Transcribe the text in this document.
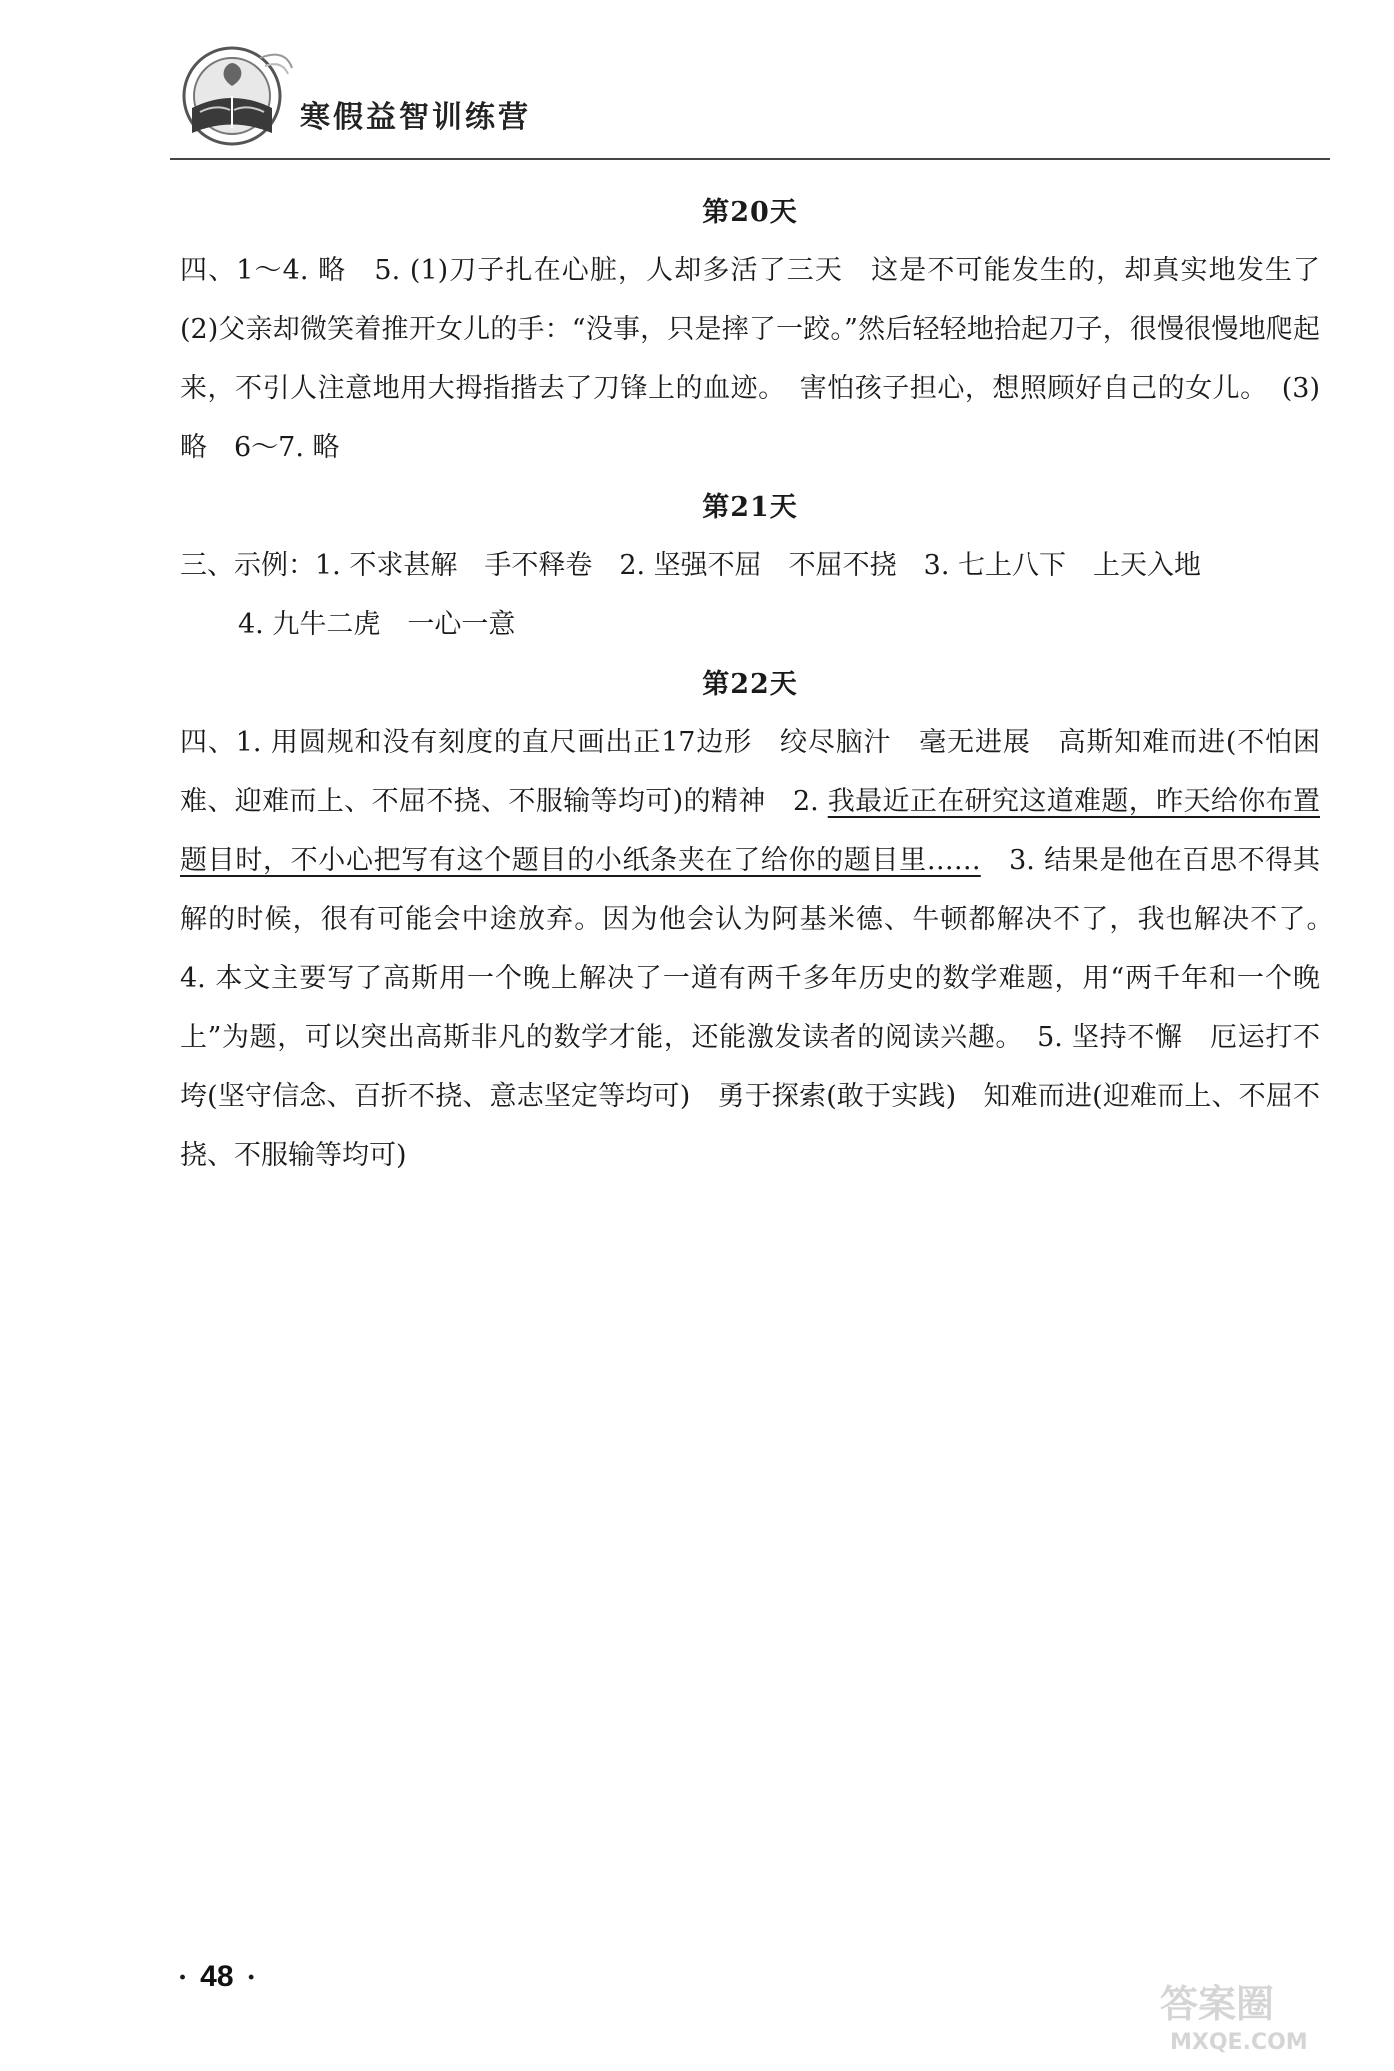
寒假益智训练营
第20天

四、1～4. 略　5. (1)刀子扎在心脏，人却多活了三天　这是不可能发生的，却真实地发生了　(2)父亲却微笑着推开女儿的手：“没事，只是摔了一跤。”然后轻轻地拾起刀子，很慢很慢地爬起来，不引人注意地用大拇指揩去了刀锋上的血迹。　害怕孩子担心，想照顾好自己的女儿。　(3)略　6～7. 略

第21天

三、示例：1. 不求甚解　手不释卷　2. 坚强不屈　不屈不挠　3. 七上八下　上天入地

4. 九牛二虎　一心一意

第22天

四、1. 用圆规和没有刻度的直尺画出正17边形　绞尽脑汁　毫无进展　高斯知难而进(不怕困难、迎难而上、不屈不挠、不服输等均可)的精神　2. 我最近正在研究这道难题，昨天给你布置题目时，不小心把写有这个题目的小纸条夹在了给你的题目里……　3. 结果是他在百思不得其解的时候，很有可能会中途放弃。因为他会认为阿基米德、牛顿都解决不了，我也解决不了。　4. 本文主要写了高斯用一个晚上解决了一道有两千多年历史的数学难题，用“两千年和一个晚上”为题，可以突出高斯非凡的数学才能，还能激发读者的阅读兴趣。　5. 坚持不懈　厄运打不垮(坚守信念、百折不挠、意志坚定等均可)　勇于探索(敢于实践)　知难而进(迎难而上、不屈不挠、不服输等均可)

· 48 ·
答案圈
MXQE.COM
